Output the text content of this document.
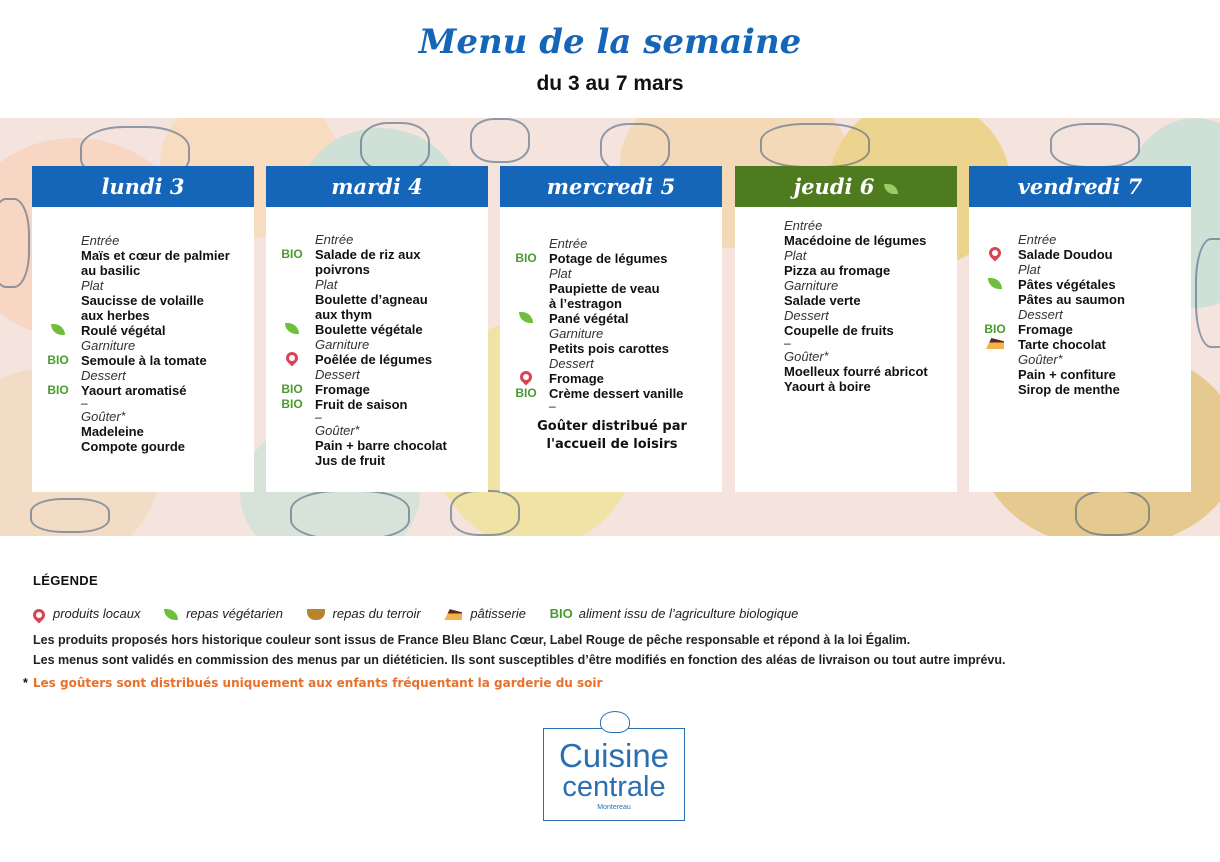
Menu de la semaine
du 3 au 7 mars
lundi 3
Entrée
Maïs et cœur de palmier
au basilic
Plat
Saucisse de volaille
aux herbes
Roulé végétal
Garniture
BIO Semoule à la tomate
Dessert
BIO Yaourt aromatisé
–
Goûter*
Madeleine
Compote gourde
mardi 4
Entrée
BIO Salade de riz aux
poivrons
Plat
Boulette d’agneau
aux thym
Boulette végétale
Garniture
Poêlée de légumes
Dessert
BIO Fromage
BIO Fruit de saison
–
Goûter*
Pain + barre chocolat
Jus de fruit
mercredi 5
Entrée
BIO Potage de légumes
Plat
Paupiette de veau
à l’estragon
Pané végétal
Garniture
Petits pois carottes
Dessert
Fromage
BIO Crème dessert vanille
–
Goûter distribué par l'accueil de loisirs
jeudi 6
Entrée
Macédoine de légumes
Plat
Pizza au fromage
Garniture
Salade verte
Dessert
Coupelle de fruits
–
Goûter*
Moelleux fourré abricot
Yaourt à boire
vendredi 7
Entrée
Salade Doudou
Plat
Pâtes végétales
Pâtes au saumon
Dessert
BIO Fromage
Tarte chocolat
Goûter*
Pain + confiture
Sirop de menthe
LÉGENDE
produits locaux	repas végétarien	repas du terroir	pâtisserie BIO aliment issu de l’agriculture biologique
Les produits proposés hors historique couleur sont issus de France Bleu Blanc Cœur, Label Rouge de pêche responsable et répond à la loi Égalim.
Les menus sont validés en commission des menus par un diététicien. Ils sont susceptibles d’être modifiés en fonction des aléas de livraison ou tout autre imprévu.
* Les goûters sont distribués uniquement aux enfants fréquentant la garderie du soir
Cuisine
centrale
Montereau
